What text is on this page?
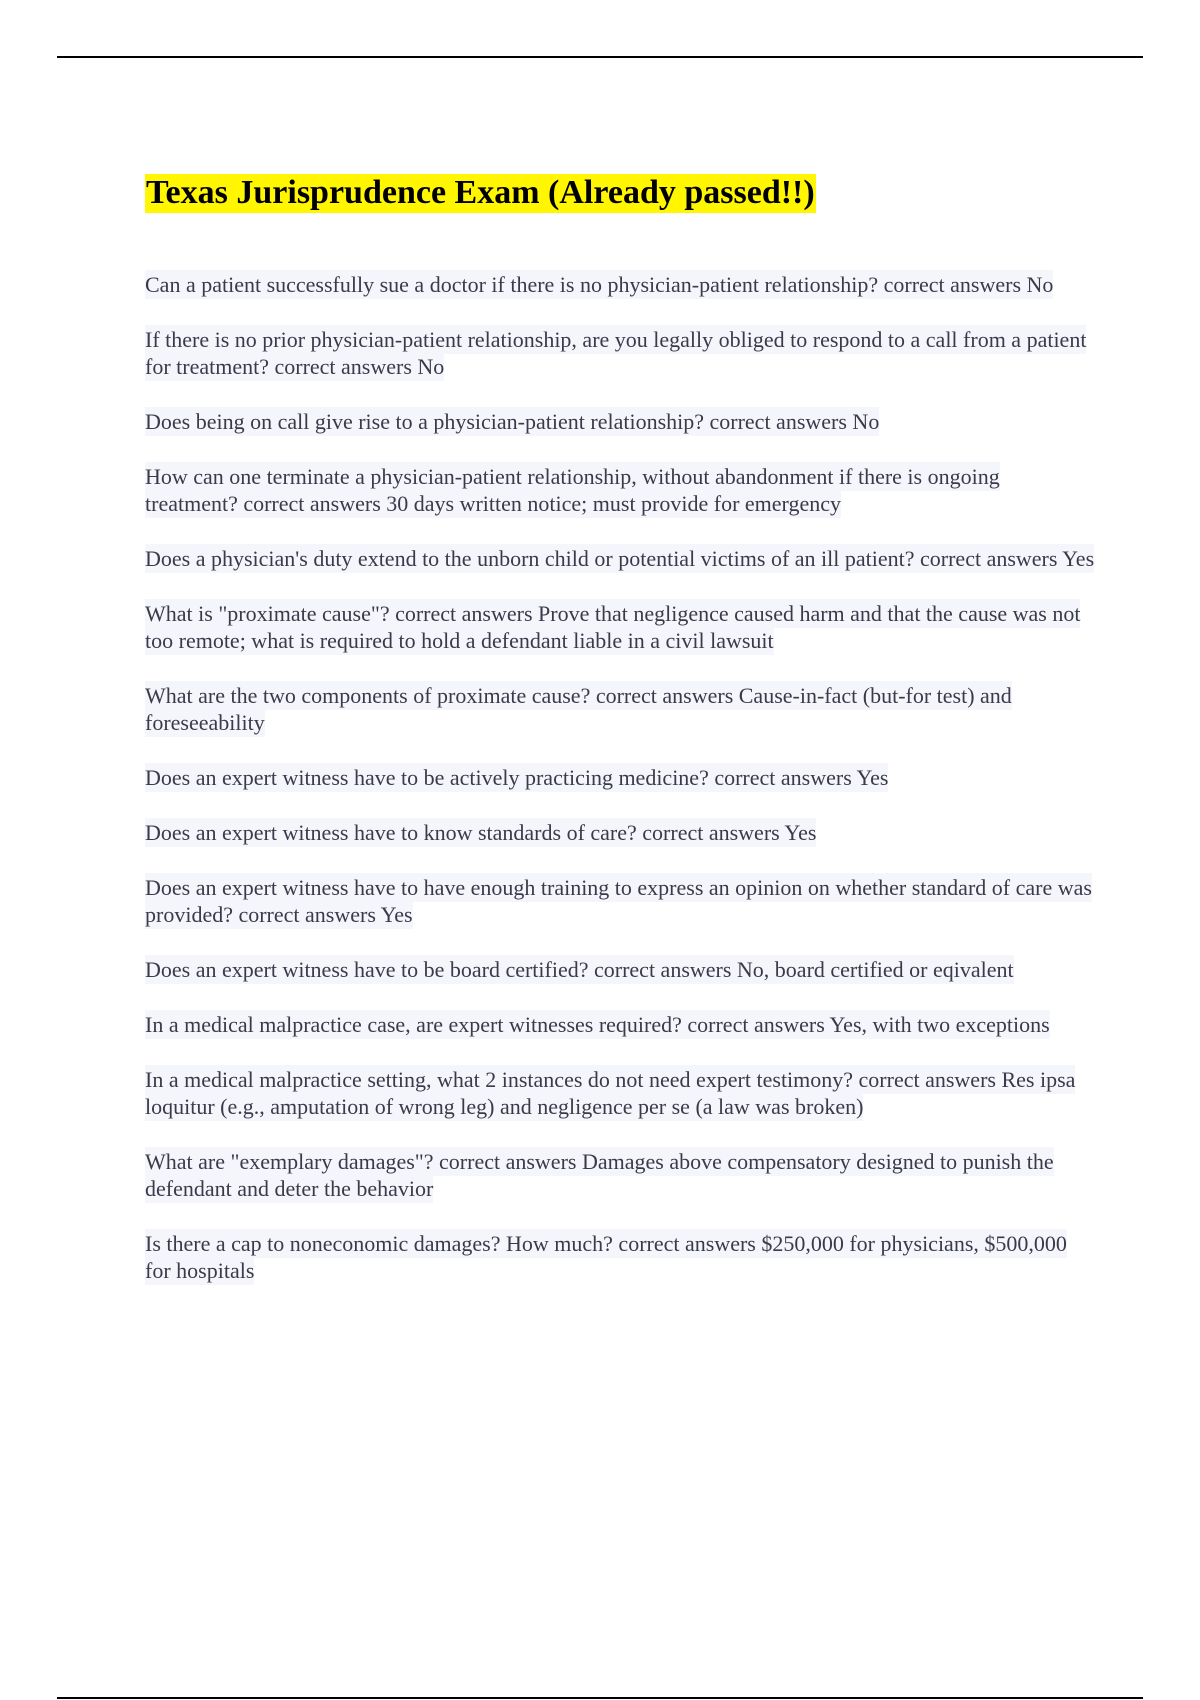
Texas Jurisprudence Exam (Already passed!!)
Can a patient successfully sue a doctor if there is no physician-patient relationship? correct answers No
If there is no prior physician-patient relationship, are you legally obliged to respond to a call from a patient for treatment? correct answers No
Does being on call give rise to a physician-patient relationship? correct answers No
How can one terminate a physician-patient relationship, without abandonment if there is ongoing treatment? correct answers 30 days written notice; must provide for emergency
Does a physician's duty extend to the unborn child or potential victims of an ill patient? correct answers Yes
What is "proximate cause"? correct answers Prove that negligence caused harm and that the cause was not too remote; what is required to hold a defendant liable in a civil lawsuit
What are the two components of proximate cause? correct answers Cause-in-fact (but-for test) and foreseeability
Does an expert witness have to be actively practicing medicine? correct answers Yes
Does an expert witness have to know standards of care? correct answers Yes
Does an expert witness have to have enough training to express an opinion on whether standard of care was provided? correct answers Yes
Does an expert witness have to be board certified? correct answers No, board certified or eqivalent
In a medical malpractice case, are expert witnesses required? correct answers Yes, with two exceptions
In a medical malpractice setting, what 2 instances do not need expert testimony? correct answers Res ipsa loquitur (e.g., amputation of wrong leg) and negligence per se (a law was broken)
What are "exemplary damages"? correct answers Damages above compensatory designed to punish the defendant and deter the behavior
Is there a cap to noneconomic damages? How much? correct answers $250,000 for physicians, $500,000 for hospitals
